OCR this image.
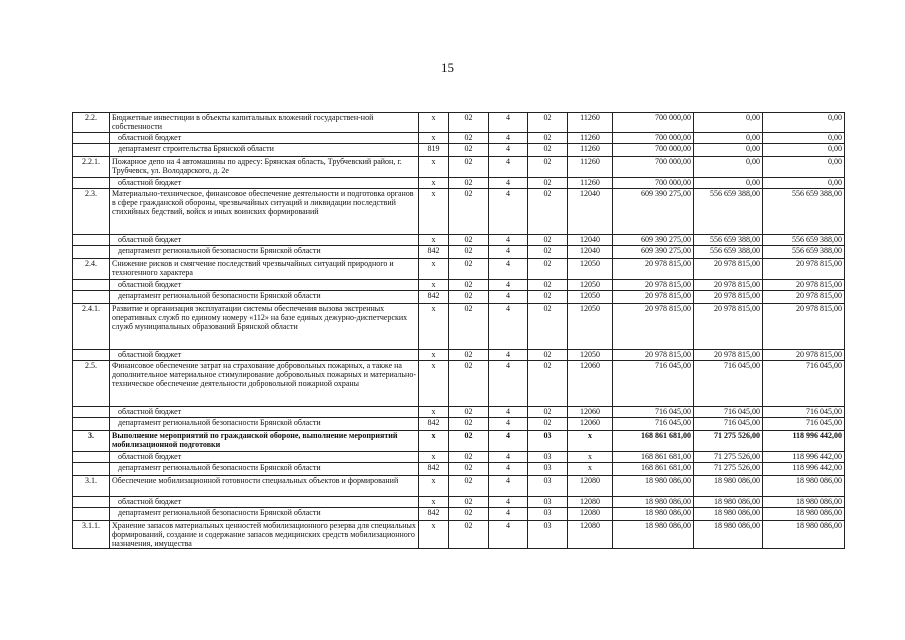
15
2.2.	Бюджетные инвестиции в объекты капитальных вложений государствен-ной собственности	х	02	4	02	11260	700 000,00	0,00	0,00
	областной бюджет	х	02	4	02	11260	700 000,00	0,00	0,00
	департамент строительства Брянской области	819	02	4	02	11260	700 000,00	0,00	0,00
2.2.1.	Пожарное депо на 4 автомашины по адресу: Брянская область, Трубчевский район, г. Трубчевск, ул. Володарского, д. 2е	х	02	4	02	11260	700 000,00	0,00	0,00
	областной бюджет	х	02	4	02	11260	700 000,00	0,00	0,00
2.3.	Материально-техническое, финансовое обеспечение деятельности и подготовка органов в сфере гражданской обороны, чрезвычайных ситуаций и ликвидации последствий стихийных бедствий, войск и иных воинских формирований	х	02	4	02	12040	609 390 275,00	556 659 388,00	556 659 388,00
	областной бюджет	х	02	4	02	12040	609 390 275,00	556 659 388,00	556 659 388,00
	департамент региональной безопасности Брянской области	842	02	4	02	12040	609 390 275,00	556 659 388,00	556 659 388,00
2.4.	Снижение рисков и смягчение последствий чрезвычайных ситуаций природного и техногенного характера	х	02	4	02	12050	20 978 815,00	20 978 815,00	20 978 815,00
	областной бюджет	х	02	4	02	12050	20 978 815,00	20 978 815,00	20 978 815,00
	департамент региональной безопасности Брянской области	842	02	4	02	12050	20 978 815,00	20 978 815,00	20 978 815,00
2.4.1.	Развитие и организация эксплуатации системы обеспечения вызова экстренных оперативных служб по единому номеру «112» на базе единых дежурно-диспетчерских служб муниципальных образований Брянской области	х	02	4	02	12050	20 978 815,00	20 978 815,00	20 978 815,00
	областной бюджет	х	02	4	02	12050	20 978 815,00	20 978 815,00	20 978 815,00
2.5.	Финансовое обеспечение затрат на страхование добровольных пожарных, а также на дополнительное материальное стимулирование добровольных пожарных и материально-техническое обеспечение деятельности добровольной пожарной охраны	х	02	4	02	12060	716 045,00	716 045,00	716 045,00
	областной бюджет	х	02	4	02	12060	716 045,00	716 045,00	716 045,00
	департамент региональной безопасности Брянской области	842	02	4	02	12060	716 045,00	716 045,00	716 045,00
3.	Выполнение мероприятий по гражданской обороне, выполнение мероприятий мобилизационной подготовки	х	02	4	03	х	168 861 681,00	71 275 526,00	118 996 442,00
	областной бюджет	х	02	4	03	х	168 861 681,00	71 275 526,00	118 996 442,00
	департамент региональной безопасности Брянской области	842	02	4	03	х	168 861 681,00	71 275 526,00	118 996 442,00
3.1.	Обеспечение мобилизационной готовности специальных объектов и формирований	х	02	4	03	12080	18 980 086,00	18 980 086,00	18 980 086,00
	областной бюджет	х	02	4	03	12080	18 980 086,00	18 980 086,00	18 980 086,00
	департамент региональной безопасности Брянской области	842	02	4	03	12080	18 980 086,00	18 980 086,00	18 980 086,00
3.1.1.	Хранение запасов материальных ценностей мобилизационного резерва для специальных формирований, создание и содержание запасов медицинских средств мобилизационного назначения, имущества	х	02	4	03	12080	18 980 086,00	18 980 086,00	18 980 086,00
